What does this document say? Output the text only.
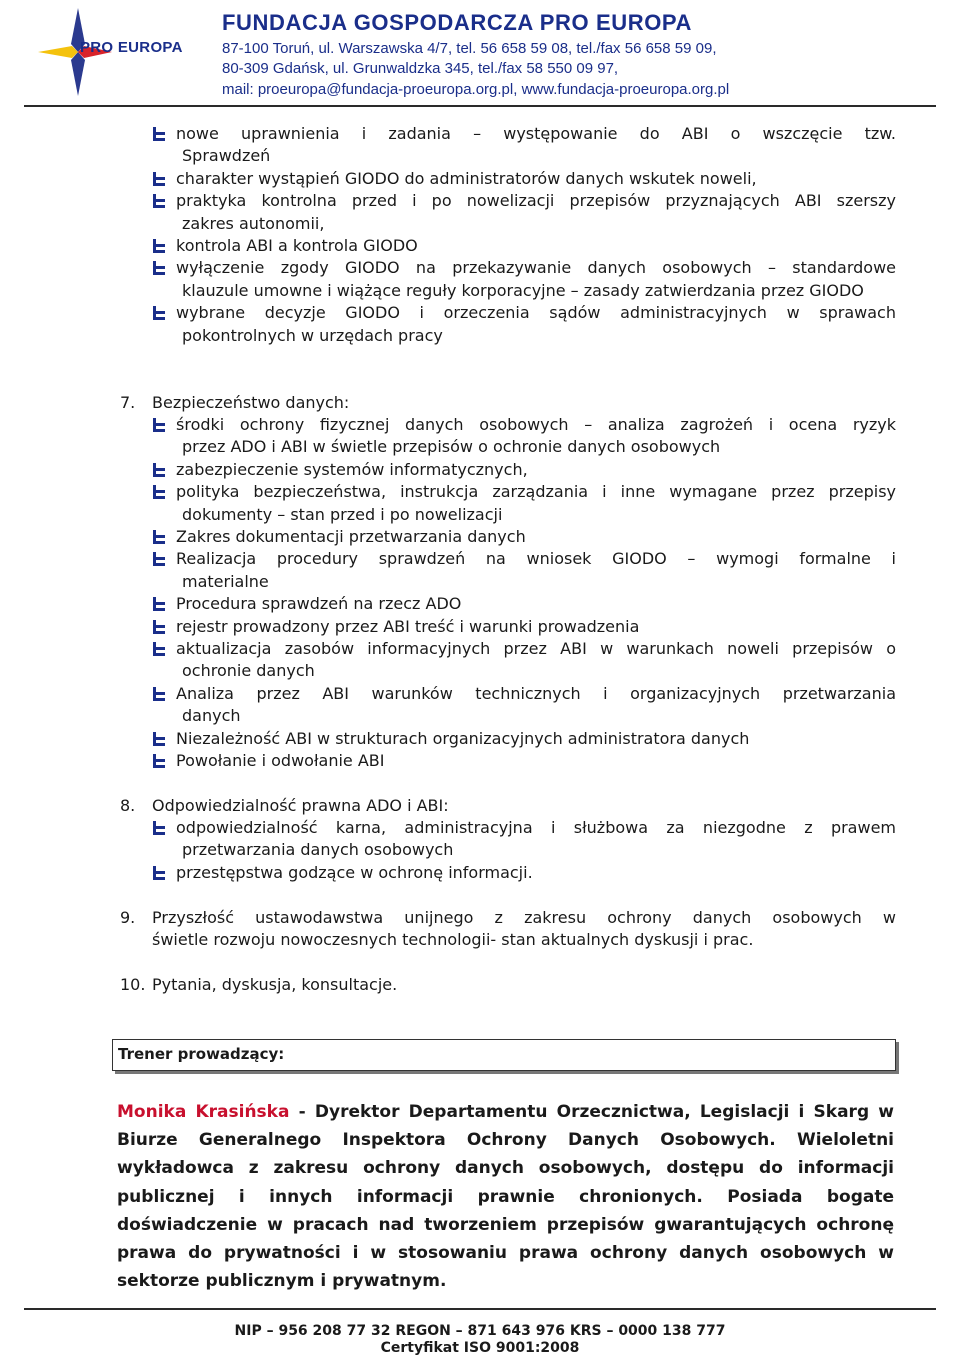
PRO EUROPA
FUNDACJA GOSPODARCZA PRO EUROPA
87-100 Toruń, ul. Warszawska 4/7, tel. 56 658 59 08, tel./fax 56 658 59 09,
80-309 Gdańsk, ul. Grunwaldzka 345, tel./fax 58 550 09 97,
mail: proeuropa@fundacja-proeuropa.org.pl, www.fundacja-proeuropa.org.pl
nowe uprawnienia i zadania – występowanie do ABI o wszczęcie tzw.
Sprawdzeń
charakter wystąpień GIODO do administratorów danych wskutek noweli,
praktyka kontrolna przed i po nowelizacji przepisów przyznających ABI szerszy
zakres autonomii,
kontrola ABI a kontrola GIODO
wyłączenie zgody GIODO na przekazywanie danych osobowych – standardowe
klauzule umowne i wiążące reguły korporacyjne – zasady zatwierdzania przez GIODO
wybrane decyzje GIODO i orzeczenia sądów administracyjnych w sprawach
pokontrolnych w urzędach pracy
7. Bezpieczeństwo danych:
środki ochrony fizycznej danych osobowych – analiza zagrożeń i ocena ryzyk
przez ADO i ABI w świetle przepisów o ochronie danych osobowych
zabezpieczenie systemów informatycznych,
polityka bezpieczeństwa, instrukcja zarządzania i inne wymagane przez przepisy
dokumenty – stan przed i po nowelizacji
Zakres dokumentacji przetwarzania danych
Realizacja procedury sprawdzeń na wniosek GIODO – wymogi formalne i
materialne
Procedura sprawdzeń na rzecz ADO
rejestr prowadzony przez ABI treść i warunki prowadzenia
aktualizacja zasobów informacyjnych przez ABI w warunkach noweli przepisów o
ochronie danych
Analiza przez ABI warunków technicznych i organizacyjnych przetwarzania
danych
Niezależność ABI w strukturach organizacyjnych administratora danych
Powołanie i odwołanie ABI
8. Odpowiedzialność prawna ADO i ABI:
odpowiedzialność karna, administracyjna i służbowa za niezgodne z prawem
przetwarzania danych osobowych
przestępstwa godzące w ochronę informacji.
9. Przyszłość ustawodawstwa unijnego z zakresu ochrony danych osobowych w
świetle rozwoju nowoczesnych technologii- stan aktualnych dyskusji i prac.
10. Pytania, dyskusja, konsultacje.
Trener prowadzący:
Monika Krasińska - Dyrektor Departamentu Orzecznictwa, Legislacji i Skarg w Biurze Generalnego Inspektora Ochrony Danych Osobowych. Wieloletni wykładowca z zakresu ochrony danych osobowych, dostępu do informacji publicznej i innych informacji prawnie chronionych. Posiada bogate doświadczenie w pracach nad tworzeniem przepisów gwarantujących ochronę prawa do prywatności i w stosowaniu prawa ochrony danych osobowych w sektorze publicznym i prywatnym.
NIP – 956 208 77 32 REGON – 871 643 976 KRS – 0000 138 777
Certyfikat ISO 9001:2008
